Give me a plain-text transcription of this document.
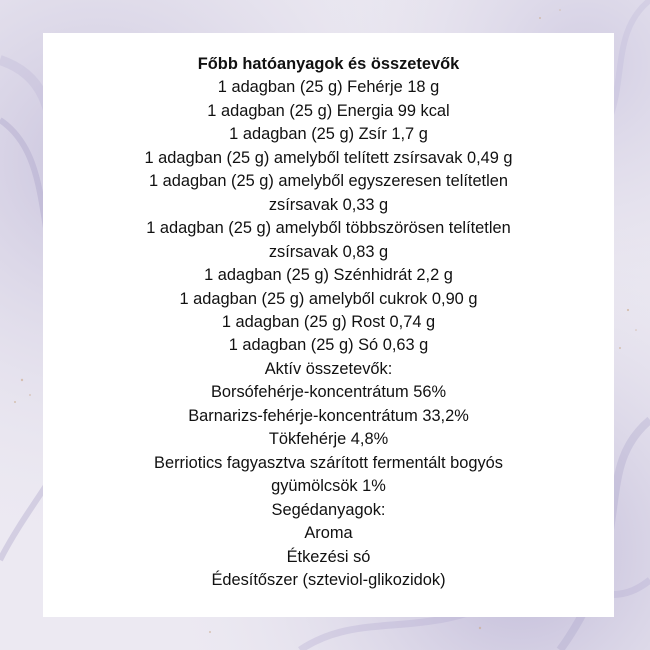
Főbb hatóanyagok és összetevők
1 adagban (25 g) Fehérje 18 g
1 adagban (25 g) Energia 99 kcal
1 adagban (25 g) Zsír 1,7 g
1 adagban (25 g) amelyből telített zsírsavak 0,49 g
1 adagban (25 g) amelyből egyszeresen telítetlen
zsírsavak 0,33 g
1 adagban (25 g) amelyből többszörösen telítetlen
zsírsavak 0,83 g
1 adagban (25 g) Szénhidrát 2,2 g
1 adagban (25 g) amelyből cukrok 0,90 g
1 adagban (25 g) Rost 0,74 g
1 adagban (25 g) Só 0,63 g
Aktív összetevők:
Borsófehérje-koncentrátum 56%
Barnarizs-fehérje-koncentrátum 33,2%
Tökfehérje 4,8%
Berriotics fagyasztva szárított fermentált bogyós
gyümölcsök 1%
Segédanyagok:
Aroma
Étkezési só
Édesítőszer (szteviol-glikozidok)
